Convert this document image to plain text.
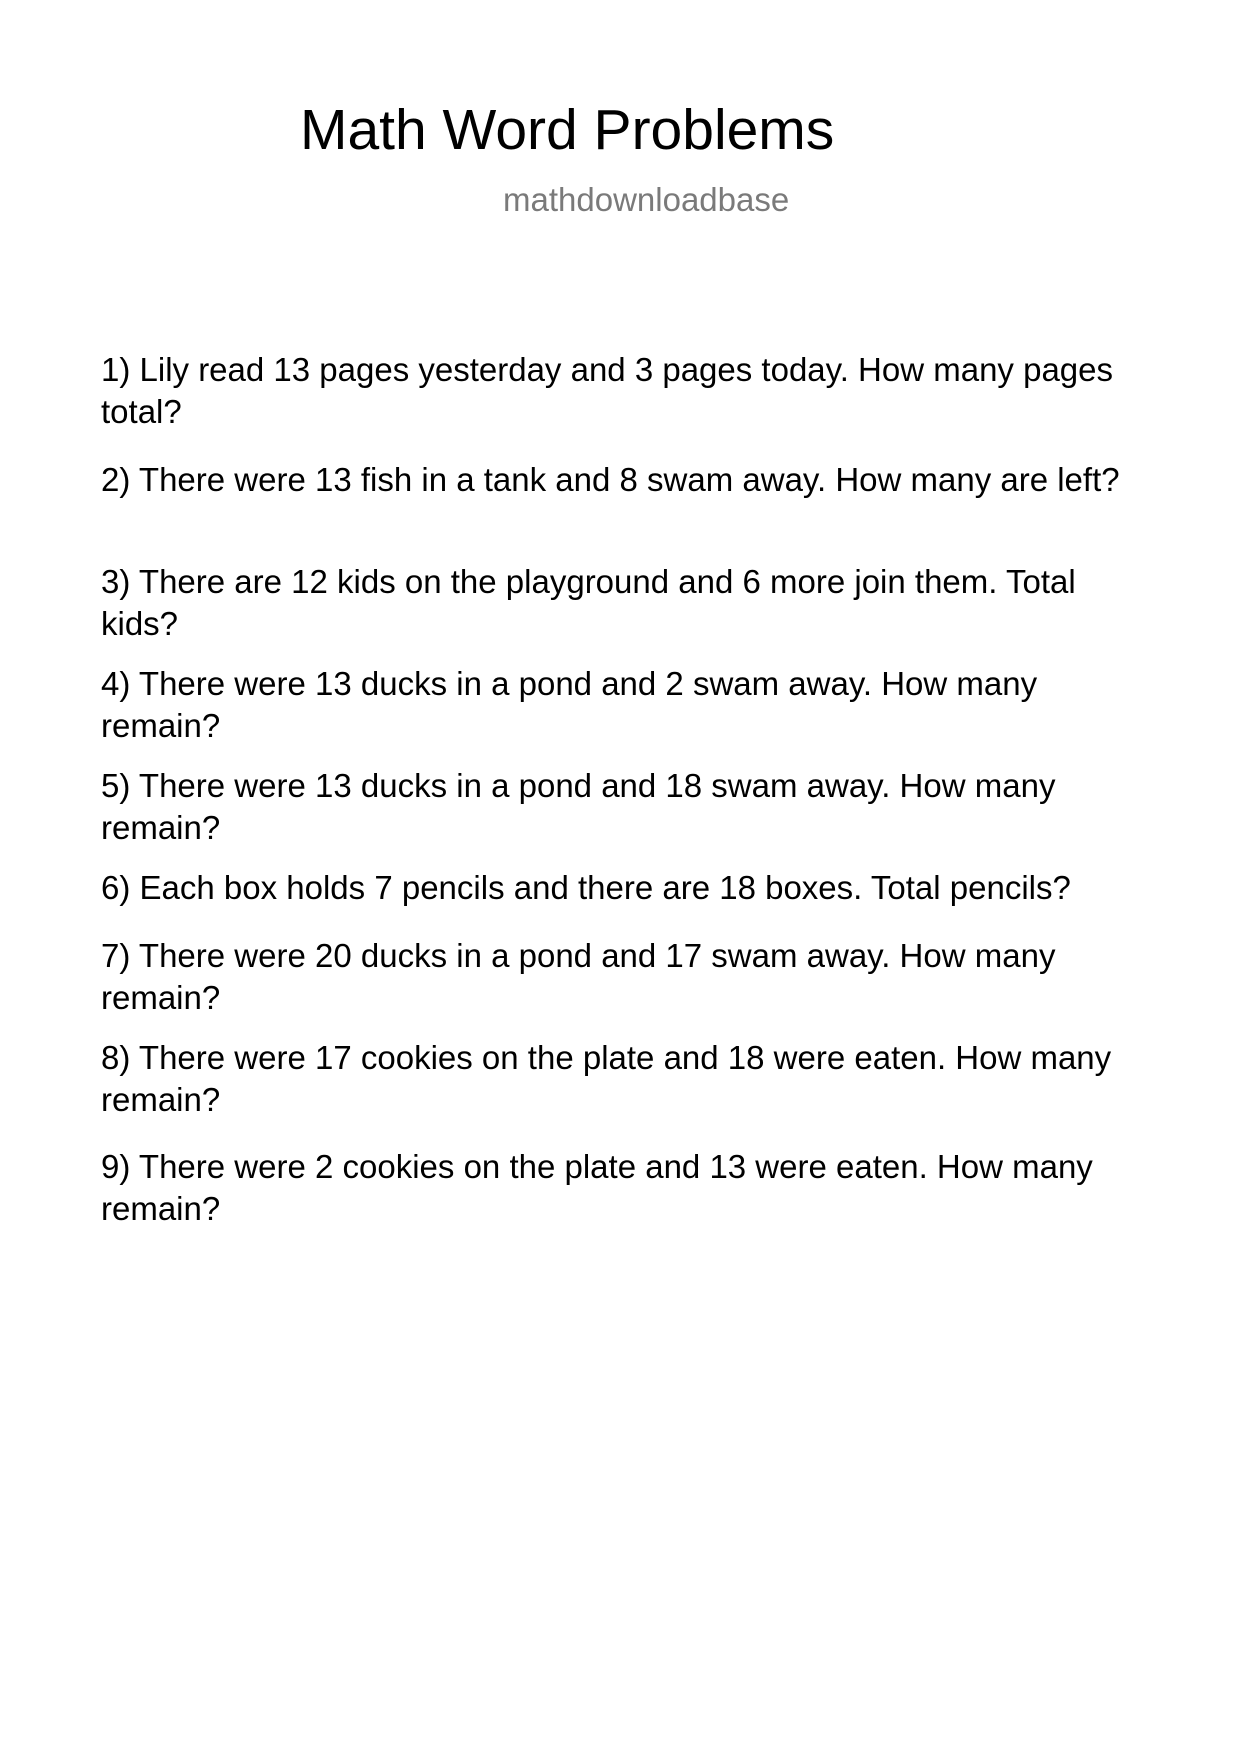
Math Word Problems

mathdownloadbase

1) Lily read 13 pages yesterday and 3 pages today. How many pages total?
2) There were 13 fish in a tank and 8 swam away. How many are left?
3) There are 12 kids on the playground and 6 more join them. Total kids?
4) There were 13 ducks in a pond and 2 swam away. How many remain?
5) There were 13 ducks in a pond and 18 swam away. How many remain?
6) Each box holds 7 pencils and there are 18 boxes. Total pencils?
7) There were 20 ducks in a pond and 17 swam away. How many remain?
8) There were 17 cookies on the plate and 18 were eaten. How many remain?
9) There were 2 cookies on the plate and 13 were eaten. How many remain?
